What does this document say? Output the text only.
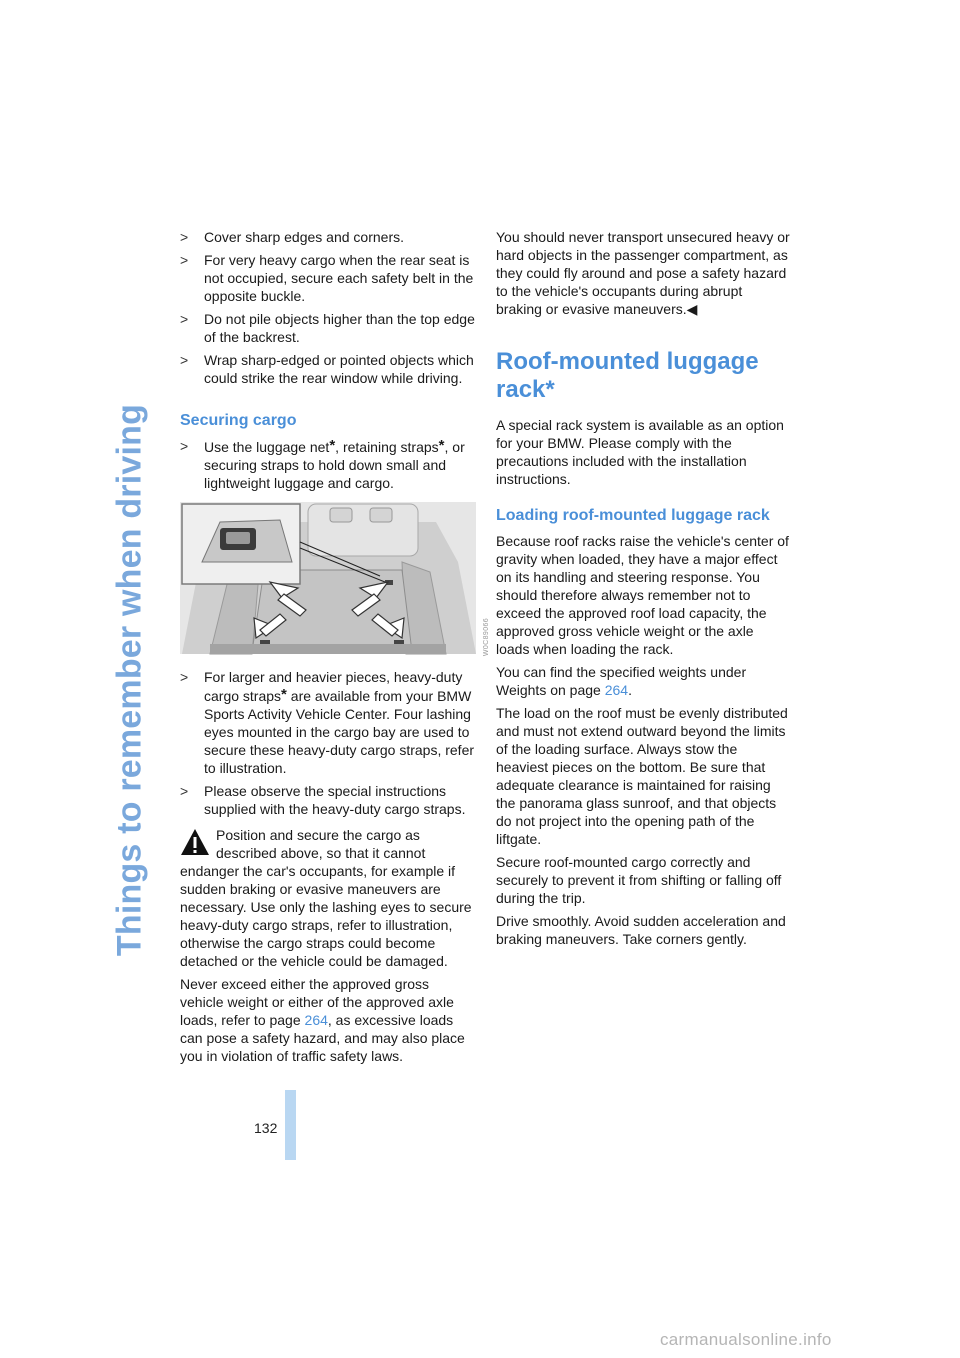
Things to remember when driving
>	Cover sharp edges and corners.
>	For very heavy cargo when the rear seat is not occupied, secure each safety belt in the opposite buckle.
>	Do not pile objects higher than the top edge of the backrest.
>	Wrap sharp-edged or pointed objects which could strike the rear window while driving.
Securing cargo
>	Use the luggage net*, retaining straps*, or securing straps to hold down small and lightweight luggage and cargo.
W0C89066
>	For larger and heavier pieces, heavy-duty cargo straps* are available from your BMW Sports Activity Vehicle Center. Four lashing eyes mounted in the cargo bay are used to secure these heavy-duty cargo straps, refer to illustration.
>	Please observe the special instructions supplied with the heavy-duty cargo straps.
Position and secure the cargo as described above, so that it cannot endanger the car's occupants, for example if sudden braking or evasive maneuvers are necessary. Use only the lashing eyes to secure heavy-duty cargo straps, refer to illustration, otherwise the cargo straps could become detached or the vehicle could be damaged.
Never exceed either the approved gross vehicle weight or either of the approved axle loads, refer to page 264, as excessive loads can pose a safety hazard, and may also place you in violation of traffic safety laws.
You should never transport unsecured heavy or hard objects in the passenger compartment, as they could fly around and pose a safety hazard to the vehicle's occupants during abrupt braking or evasive maneuvers.◀
Roof-mounted luggage rack*
A special rack system is available as an option for your BMW. Please comply with the precautions included with the installation instructions.
Loading roof-mounted luggage rack
Because roof racks raise the vehicle's center of gravity when loaded, they have a major effect on its handling and steering response. You should therefore always remember not to exceed the approved roof load capacity, the approved gross vehicle weight or the axle loads when loading the rack.
You can find the specified weights under Weights on page 264.
The load on the roof must be evenly distributed and must not extend outward beyond the limits of the loading surface. Always stow the heaviest pieces on the bottom. Be sure that adequate clearance is maintained for raising the panorama glass sunroof, and that objects do not project into the opening path of the liftgate.
Secure roof-mounted cargo correctly and securely to prevent it from shifting or falling off during the trip.
Drive smoothly. Avoid sudden acceleration and braking maneuvers. Take corners gently.
132
carmanualsonline.info
